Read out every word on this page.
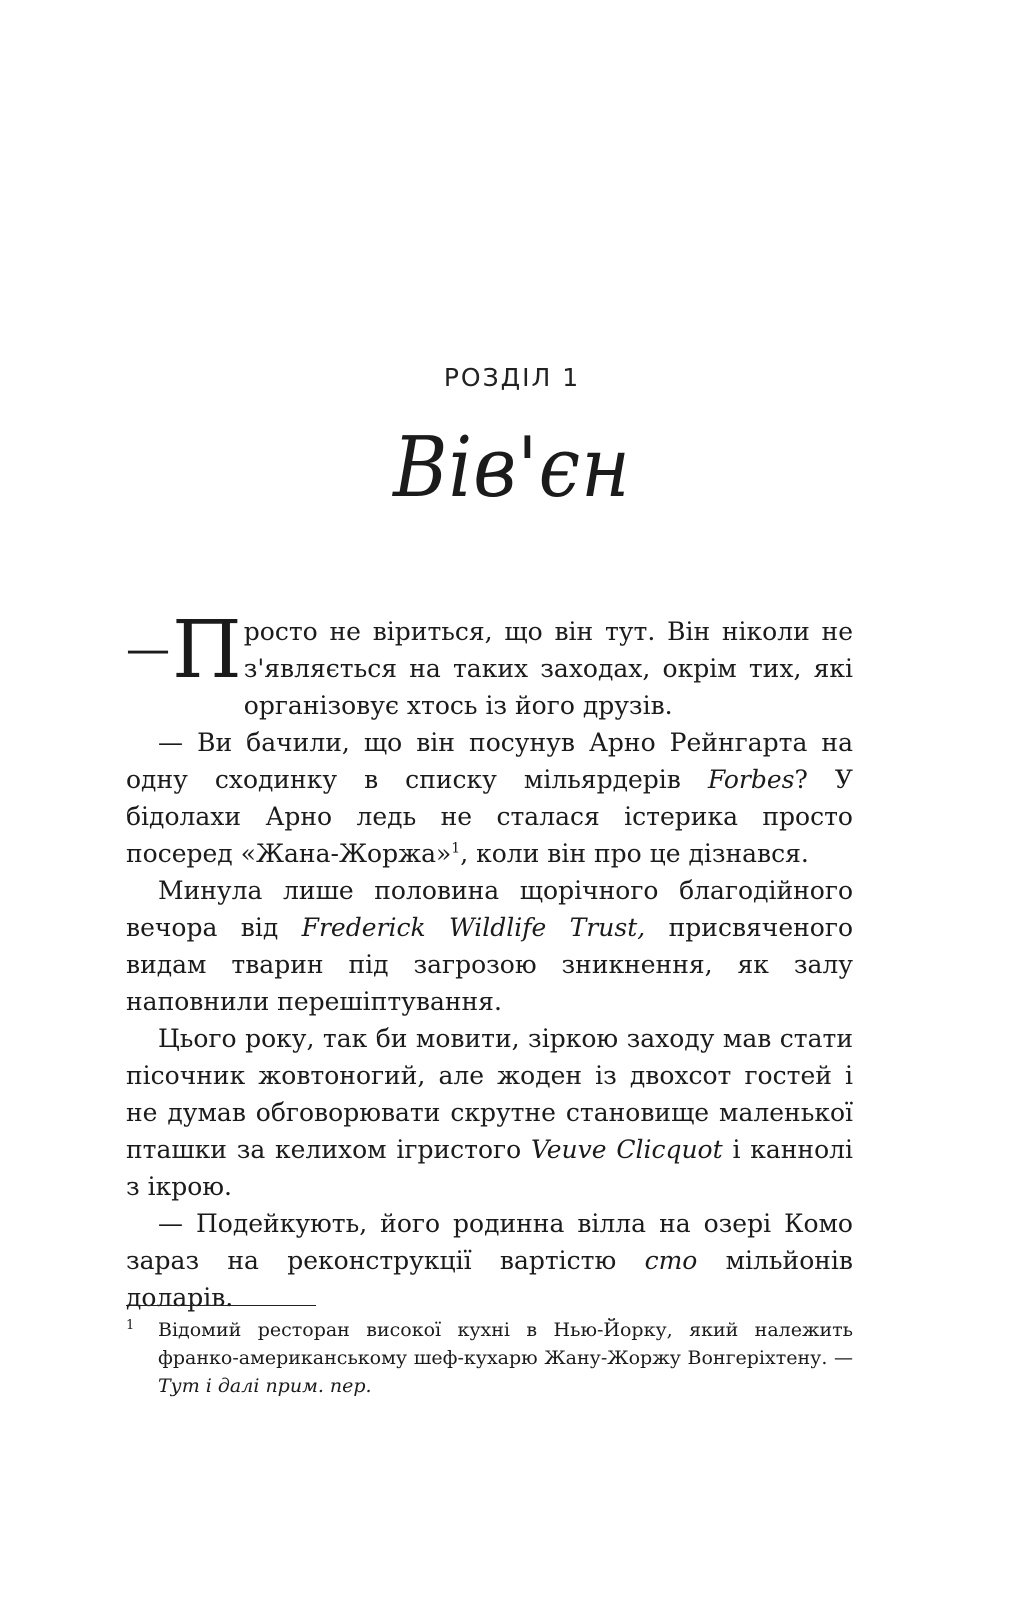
РОЗДІЛ 1
Вів'єн

— П росто не віриться, що він тут. Він ніколи не з'являється на таких заходах, окрім тих, які організовує хтось із його друзів.

— Ви бачили, що він посунув Арно Рейнгарта на одну сходинку в списку мільярдерів Forbes? У бідолахи Арно ледь не сталася істерика просто посеред «Жана-Жоржа»$^1$, коли він про це дізнався.

Минула лише половина щорічного благодійного вечора від Frederick Wildlife Trust, присвяченого видам тварин під загрозою зникнення, як залу наповнили перешіптування.

Цього року, так би мовити, зіркою заходу мав стати пісочник жовтоногий, але жоден із двохсот гостей і не думав обговорювати скрутне становище маленької пташки за келихом ігристого Veuve Clicquot і каннолі з ікрою.

— Подейкують, його родинна вілла на озері Комо зараз на реконструкції вартістю сто мільйонів доларів.

1 Відомий ресторан високої кухні в Нью-Йорку, який належить франко-американському шеф-кухарю Жану-Жоржу Вонгеріхтену. — Тут і далі прим. пер.
